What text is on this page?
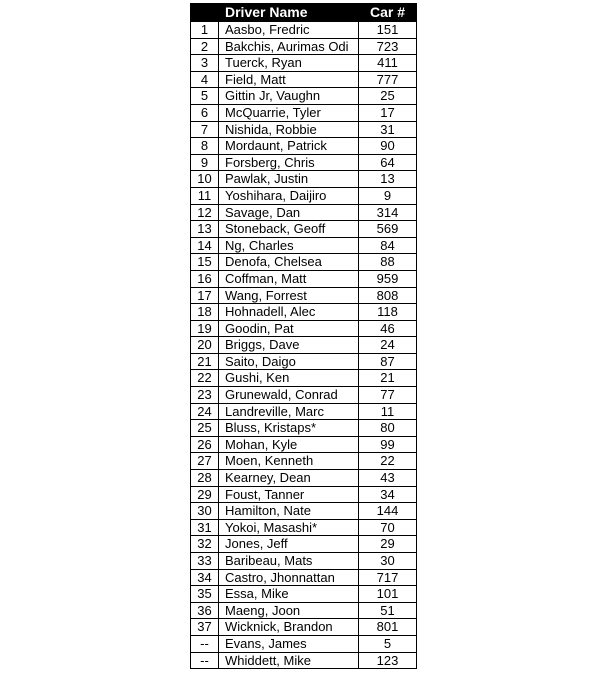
	Driver Name	Car #
1	Aasbo, Fredric	151
2	Bakchis, Aurimas Odi	723
3	Tuerck, Ryan	411
4	Field, Matt	777
5	Gittin Jr, Vaughn	25
6	McQuarrie, Tyler	17
7	Nishida, Robbie	31
8	Mordaunt, Patrick	90
9	Forsberg, Chris	64
10	Pawlak, Justin	13
11	Yoshihara, Daijiro	9
12	Savage, Dan	314
13	Stoneback, Geoff	569
14	Ng, Charles	84
15	Denofa, Chelsea	88
16	Coffman, Matt	959
17	Wang, Forrest	808
18	Hohnadell, Alec	118
19	Goodin, Pat	46
20	Briggs, Dave	24
21	Saito, Daigo	87
22	Gushi, Ken	21
23	Grunewald, Conrad	77
24	Landreville, Marc	11
25	Bluss, Kristaps*	80
26	Mohan, Kyle	99
27	Moen, Kenneth	22
28	Kearney, Dean	43
29	Foust, Tanner	34
30	Hamilton, Nate	144
31	Yokoi, Masashi*	70
32	Jones, Jeff	29
33	Baribeau, Mats	30
34	Castro, Jhonnattan	717
35	Essa, Mike	101
36	Maeng, Joon	51
37	Wicknick, Brandon	801
--	Evans, James	5
--	Whiddett, Mike	123
